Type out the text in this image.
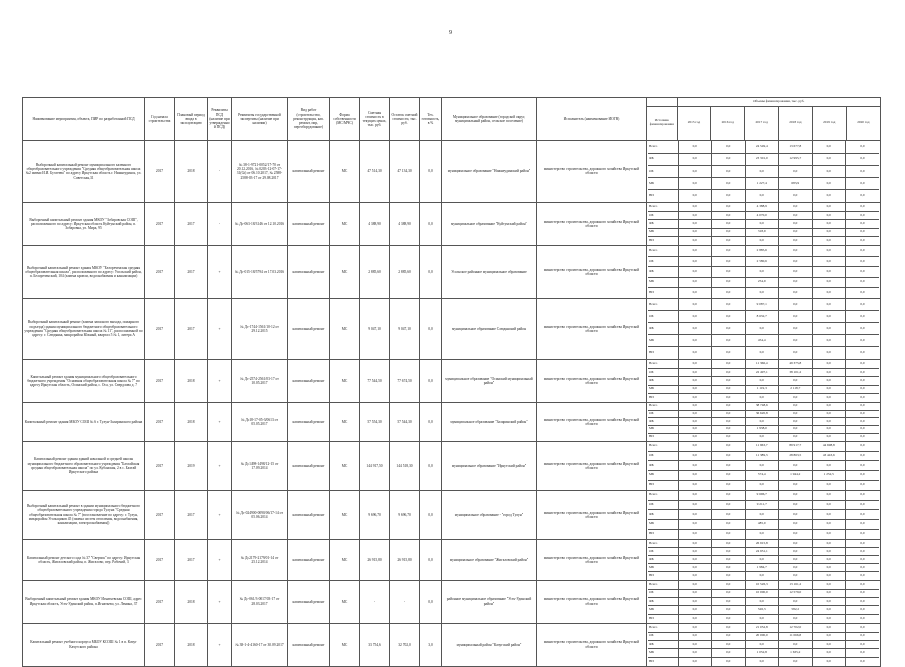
9
Наименование мероприятия, объекта, ПИР по разработанной ПСД	Год начала строительства	Плановый период ввода в эксплуатацию	Реквизиты ПСД (наличие при утвержденной ПСД)	Реквизиты государственной экспертизы (наличие при наличии)	Вид работ (строительство, реконструкция, кап. ремонт, пир, переоборудование)	Форма собственности (МС/МЧС)	Сметная стоимость в текущих ценах, тыс. руб.	Остаток сметной стоимости, тыс. руб.	Тех. готовность, в %	Муниципальное образование (городской округ, муниципальный район, сельское поселение)	Исполнитель (наименование ИОГВ)	
	Объемы финансирования, тыс. руб.
Источник финансирования	2015 год	2016 год	2017 год	2018 год	2019 год	2020 год

Выборочный капитальный ремонт муниципального казенного общеобразовательного учреждения "Средняя общеобразовательная школа №2 имени И.И. Бухтеева" по адресу Иркутская область г. Нижнеудинск, ул. Советская,31	2017	2018	-	№ 38-1-9721-0052/17-70 от 20.12.2016, № 0203-12-07-17-31(Gt) от 06.10.2017, № 2588-2588-03-17 от 29.08.2017	капитальный ремонт	МС	47 514,30	47 134,30	0,0	муниципальное образование "Нижнеудинский район"	министерство строительства, дорожного хозяйства Иркутской области	
Всего	0,0	0,0	24 549,4	13 677,8	0,0	0,0
ФБ	0,0	0,0	23 301,0	12 995,7	0,0	0,0
ОБ	0,0	0,0	0,0	0,0	0,0	0,0
МБ	0,0	0,0	1 227,4	683,9	0,0	0,0
ВИ	0,0	0,0	0,0	0,0	0,0	0,0

Выборочный капитальный ремонт здания МКОУ "Зобаровская СОШ", расположенного по адресу: Иркутская область Куйтунский район, п. Зобаровка, ул. Мира, 95	2017	2017	-	№ Дс-063-18/3146 от 12.10.2016	капитальный ремонт	МС	4 388,90	4 388,90	0,0	муниципальное образование "Куйтунский район"	министерство строительства, дорожного хозяйства Иркутской области	
Всего	0,0	0,0	4 388,9	0,0	0,0	0,0
ОБ	0,0	0,0	4 070,0	0,0	0,0	0,0
ФБ	0,0	0,0	0,0	0,0	0,0	0,0
МБ	0,0	0,0	318,9	0,0	0,0	0,0
ВИ	0,0	0,0	0,0	0,0	0,0	0,0

Выборочный капитальный ремонт здания МКОУ "Белореченская средняя общеобразовательная школа", расположенного по адресу: Усольский район, п. Белореченский, 104 (замена кровли, водоснабжения и канализации)	2017	2017	+	№ Дс-015-18/5794 от 17.03.2016	капитальный ремонт	МС	2 885,60	2 885,60	0,0	Усольское районное муниципальное образование	министерство строительства, дорожного хозяйства Иркутской области	
Всего	0,0	0,0	2 885,6	0,0	0,0	0,0
ОБ	0,0	0,0	2 580,6	0,0	0,0	0,0
ФБ	0,0	0,0	0,0	0,0	0,0	0,0
МБ	0,0	0,0	254,9	0,0	0,0	0,0
ВИ	0,0	0,0	0,0	0,0	0,0	0,0

Выборочный капитальный ремонт (замена запасного выхода, пожарного подъезда) здания муниципального бюджетного общеобразовательного учреждения "Средняя общеобразовательная школа № 11", расположенной по адресу: г. Слюдянка, микрорайон Южный, квартал 5 № 1, литера А	2017	2017	+	№ Дс-1744-1561/10-12 от 29.12.2015	капитальный ремонт	МС	9 047,10	9 047,10	0,0	муниципальное образование Слюдянский район	министерство строительства, дорожного хозяйства Иркутской области	
Всего	0,0	0,0	9 087,1	0,0	0,0	0,0
ОБ	0,0	0,0	8 632,7	0,0	0,0	0,0
ФБ	0,0	0,0	0,0	0,0	0,0	0,0
МБ	0,0	0,0	454,4	0,0	0,0	0,0
ВИ	0,0	0,0	0,0	0,0	0,0	0,0

Капитальный ремонт здания муниципального общеобразовательного бюджетного учреждения "Основная общеобразовательная школа № 7" по адресу Иркутская область, Осинский район, с. Оса, ул. Свердлова д. 7	2017	2018	+	№ Дс-2574-2561/03-17 от 10.05.2017	капитальный ремонт	МС	77 544,50	77 674,50	0,0	муниципальное образование "Осинский муниципальный район"	министерство строительства, дорожного хозяйства Иркутской области	
Всего	0,0	0,0	11 366,4	49 375,8	0,0	0,0
ОБ	0,0	0,0	22 497,1	38 101,2	0,0	0,0
ФБ	0,0	0,0	0,0	0,0	0,0	0,0
МБ	0,0	0,0	1 119,3	2 118,7	0,0	0,0
ВИ	0,0	0,0	0,0	0,0	0,0	0,0

Капитальный ремонт здания МБОУ СОШ № 6 г. Тулун-Заларинского района	2017	2018	+	№ Дс18-17-05-3/0613 от 05.05.2017	капитальный ремонт	МС	57 554,30	57 544,30	0,0	муниципальное образование "Заларинский район"	министерство строительства, дорожного хозяйства Иркутской области	
Всего	0,0	0,0	38 748,6	0,0	0,0	0,0
ОБ	0,0	0,0	36 620,8	0,0	0,0	0,0
ФБ	0,0	0,0	0,0	0,0	0,0	0,0
МБ	0,0	0,0	1 938,0	0,0	0,0	0,0
ВИ	0,0	0,0	0,0	0,0	0,0	0,0

Капитальный ремонт здания зданий начальной и средней школы муниципального бюджетного образовательного учреждения "Бахтайская средняя общеобразовательная школа" по ул. Кубанская, 2 в с. Бахтай Иркутского района	2017	2019	+	№ Дс1498-1498/12-15 от 17.09.2014	капитальный ремонт	МС	144 917,50	144 518,30	0,0	муниципальное образование "Иркутский район"	министерство строительства, дорожного хозяйства Иркутской области	
Всего	0,0	0,0	11 963,7	89 917,7	44 698,8	0,0
ОБ	0,0	0,0	11 389,3	28 863,5	43 443,6	0,0
ФБ	0,0	0,0	0,0	0,0	0,0	0,0
МБ	0,0	0,0	574,4	1 944,2	1 252,5	0,0
ВИ	0,0	0,0	0,0	0,0	0,0	0,0

Выборочный капитальный ремонт в здании муниципального бюджетного общеобразовательного учреждения города Тулуна "Средняя общеобразовательная школа № 7" (восстановление по адресу: г. Тулун, микрорайон Угольщиков 45 (замена систем отопления, водоснабжения, канализации, электроснабжения))	2017	2017	+	№ Дс-024900-0090/06/17-14 от 05.06.2014	капитальный ремонт	МС	9 696,70	9 696,70	0,0	муниципальное образование - "город Тулун"	министерство строительства, дорожного хозяйства Иркутской области	
Всего	0,0	0,0	9 696,7	0,0	0,0	0,0
ОБ	0,0	0,0	9 211,7	0,0	0,0	0,0
ФБ	0,0	0,0	0,0	0,0	0,0	0,0
МБ	0,0	0,0	485,0	0,0	0,0	0,0
ВИ	0,0	0,0	0,0	0,0	0,0	0,0

Капитальный ремонт детского сада № 37 "Сверчок" по адресу: Иркутская область, Жигаловский район, п. Жигалово, пер. Рабочий, 3	2017	2017	+	№ Дс2179-2179/01-14 от 25.12.2014	капитальный ремонт	МС	26 915,80	26 915,80	0,0	муниципальное образование "Жигаловский район"	министерство строительства, дорожного хозяйства Иркутской области	
Всего	0,0	0,0	26 915,8	0,0	0,0	0,0
ОБ	0,0	0,0	24 931,1	0,0	0,0	0,0
ФБ	0,0	0,0	0,0	0,0	0,0	0,0
МБ	0,0	0,0	1 984,7	0,0	0,0	0,0
ВИ	0,0	0,0	0,0	0,0	0,0	0,0

Выборочный капитальный ремонт здания МКОУ Игнатьевская СОШ, адрес Иркутская область, Усть-Удинский район, п.Игнатьево, ул. Ленина, 37	2017	2018	+	№ Дс-061/3-0017/03-17 от 28.03.2017	капитальный ремонт	МС	-	-	0,0	районное муниципальное образование "Усть-Удинский район"	министерство строительства, дорожного хозяйства Иркутской области	
Всего	0,0	0,0	10 526,3	13 161,2	0,0	0,0
ОБ	0,0	0,0	10 000,0	12 579,0	0,0	0,0
ФБ	0,0	0,0	0,0	0,0	0,0	0,0
МБ	0,0	0,0	526,3	582,2	0,0	0,0
ВИ	0,0	0,0	0,0	0,0	0,0	0,0

Капитальный ремонт учебного корпуса МБОУ КСОШ № 1 в п. Качуг Качугского района	2017	2018	+	№ 38-1-4-4160-17 от 30.09.2017	капитальный ремонт	МС	33 754,6	32 702,0	3,0	муниципальный район "Качугский район"	министерство строительства, дорожного хозяйства Иркутской области	
Всего	0,0	0,0	21 052,8	12 702,0	0,0	0,0
ОБ	0,0	0,0	20 000,0	11 066,8	0,0	0,0
ФБ	0,0	0,0	0,0	0,0	0,0	0,0
МБ	0,0	0,0	1 052,8	1 635,2	0,0	0,0
ВИ	0,0	0,0	0,0	0,0	0,0	0,0
